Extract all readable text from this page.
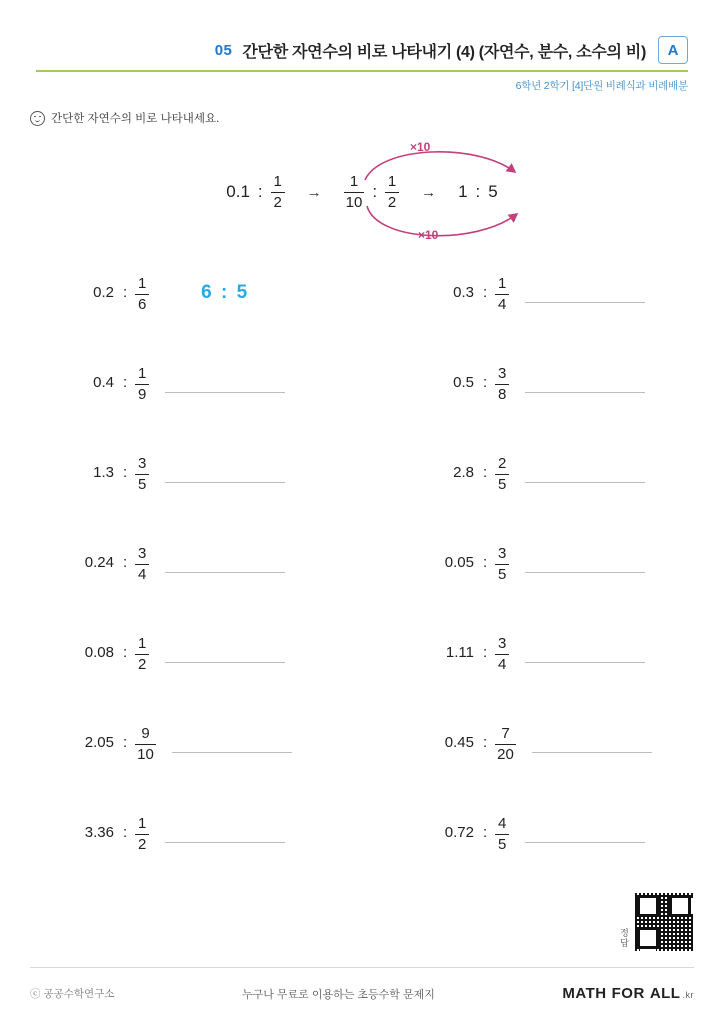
05 간단한 자연수의 비로 나타내기 (4) (자연수, 분수, 소수의 비)	A
6학년 2학기 [4]단원 비례식과 비례배분
간단한 자연수의 비로 나타내세요.
×10
0.1 : $\frac{1}{2}$	→	$\frac{1}{10}$ : $\frac{1}{2}$	→	1 : 5
×10
0.2 : $\frac{1}{6}$	6 : 5	0.3 : $\frac{1}{4}$
0.4 : $\frac{1}{9}$	0.5 : $\frac{3}{8}$
1.3 : $\frac{3}{5}$	2.8 : $\frac{2}{5}$
0.24 : $\frac{3}{4}$	0.05 : $\frac{3}{5}$
0.08 : $\frac{1}{2}$	1.11 : $\frac{3}{4}$
2.05 : $\frac{9}{10}$	0.45 : $\frac{7}{20}$
3.36 : $\frac{1}{2}$	0.72 : $\frac{4}{5}$
정답
ⓒ 공공수학연구소	누구나 무료로 이용하는 초등수학 문제지	MATH FOR ALL .kr
